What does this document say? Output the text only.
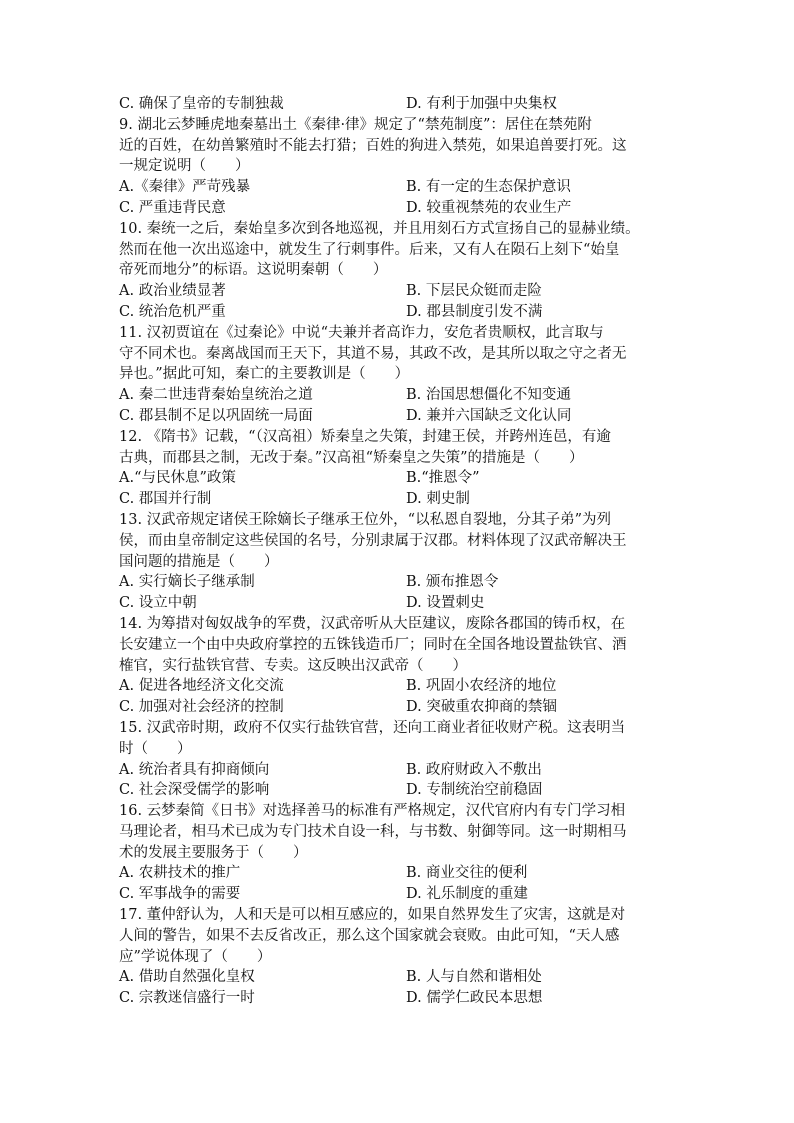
C. 确保了皇帝的专制独裁	D. 有利于加强中央集权
9. 湖北云梦睡虎地秦墓出土《秦律·律》规定了“禁苑制度”：居住在禁苑附
近的百姓，在幼兽繁殖时不能去打猎；百姓的狗进入禁苑，如果追兽要打死。这
一规定说明（　　）
A.《秦律》严苛残暴	B. 有一定的生态保护意识
C. 严重违背民意	D. 较重视禁苑的农业生产
10. 秦统一之后，秦始皇多次到各地巡视，并且用刻石方式宣扬自己的显赫业绩。
然而在他一次出巡途中，就发生了行刺事件。后来，又有人在陨石上刻下“始皇
帝死而地分”的标语。这说明秦朝（　　）
A. 政治业绩显著	B. 下层民众铤而走险
C. 统治危机严重	D. 郡县制度引发不满
11. 汉初贾谊在《过秦论》中说“夫兼并者高诈力，安危者贵顺权，此言取与
守不同术也。秦离战国而王天下，其道不易，其政不改，是其所以取之守之者无
异也。”据此可知，秦亡的主要教训是（　　）
A. 秦二世违背秦始皇统治之道	B. 治国思想僵化不知变通
C. 郡县制不足以巩固统一局面	D. 兼并六国缺乏文化认同
12. 《隋书》记载，“（汉高祖）矫秦皇之失策，封建王侯，并跨州连邑，有逾
古典，而郡县之制，无改于秦。”汉高祖“矫秦皇之失策”的措施是（　　）
A.“与民休息”政策	B.“推恩令”
C. 郡国并行制	D. 刺史制
13. 汉武帝规定诸侯王除嫡长子继承王位外，“以私恩自裂地，分其子弟”为列
侯，而由皇帝制定这些侯国的名号，分别隶属于汉郡。材料体现了汉武帝解决王
国问题的措施是（　　）
A. 实行嫡长子继承制	B. 颁布推恩令
C. 设立中朝	D. 设置刺史
14. 为筹措对匈奴战争的军费，汉武帝听从大臣建议，废除各郡国的铸币权，在
长安建立一个由中央政府掌控的五铢钱造币厂；同时在全国各地设置盐铁官、酒
榷官，实行盐铁官营、专卖。这反映出汉武帝（　　）
A. 促进各地经济文化交流	B. 巩固小农经济的地位
C. 加强对社会经济的控制	D. 突破重农抑商的禁锢
15. 汉武帝时期，政府不仅实行盐铁官营，还向工商业者征收财产税。这表明当
时（　　）
A. 统治者具有抑商倾向	B. 政府财政入不敷出
C. 社会深受儒学的影响	D. 专制统治空前稳固
16. 云梦秦简《日书》对选择善马的标准有严格规定，汉代官府内有专门学习相
马理论者，相马术已成为专门技术自设一科，与书数、射御等同。这一时期相马
术的发展主要服务于（　　）
A. 农耕技术的推广	B. 商业交往的便利
C. 军事战争的需要	D. 礼乐制度的重建
17. 董仲舒认为，人和天是可以相互感应的，如果自然界发生了灾害，这就是对
人间的警告，如果不去反省改正，那么这个国家就会衰败。由此可知，“天人感
应”学说体现了（　　）
A. 借助自然强化皇权	B. 人与自然和谐相处
C. 宗教迷信盛行一时	D. 儒学仁政民本思想
